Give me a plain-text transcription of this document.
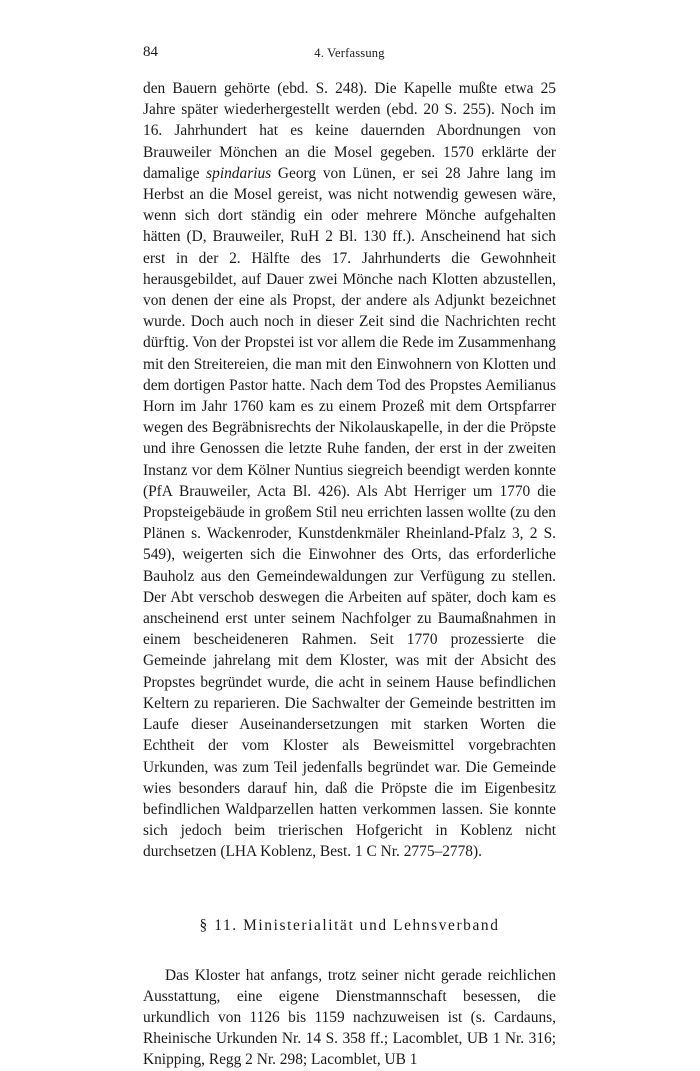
84	4. Verfassung

den Bauern gehörte (ebd. S. 248). Die Kapelle mußte etwa 25 Jahre später wiederhergestellt werden (ebd. 20 S. 255). Noch im 16. Jahrhundert hat es keine dauernden Abordnungen von Brauweiler Mönchen an die Mosel gegeben. 1570 erklärte der damalige spindarius Georg von Lünen, er sei 28 Jahre lang im Herbst an die Mosel gereist, was nicht notwendig gewesen wäre, wenn sich dort ständig ein oder mehrere Mönche aufgehalten hätten (D, Brauweiler, RuH 2 Bl. 130 ff.). Anscheinend hat sich erst in der 2. Hälfte des 17. Jahrhunderts die Gewohnheit herausgebildet, auf Dauer zwei Mönche nach Klotten abzustellen, von denen der eine als Propst, der andere als Adjunkt bezeichnet wurde. Doch auch noch in dieser Zeit sind die Nachrichten recht dürftig. Von der Propstei ist vor allem die Rede im Zusammenhang mit den Streitereien, die man mit den Einwohnern von Klotten und dem dortigen Pastor hatte. Nach dem Tod des Propstes Aemilianus Horn im Jahr 1760 kam es zu einem Prozeß mit dem Ortspfarrer wegen des Begräbnisrechts der Nikolauskapelle, in der die Pröpste und ihre Genossen die letzte Ruhe fanden, der erst in der zweiten Instanz vor dem Kölner Nuntius siegreich beendigt werden konnte (PfA Brauweiler, Acta Bl. 426). Als Abt Herriger um 1770 die Propsteigebäude in großem Stil neu errichten lassen wollte (zu den Plänen s. Wackenroder, Kunstdenkmäler Rheinland-Pfalz 3, 2 S. 549), weigerten sich die Einwohner des Orts, das erforderliche Bauholz aus den Gemeindewaldungen zur Verfügung zu stellen. Der Abt verschob deswegen die Arbeiten auf später, doch kam es anscheinend erst unter seinem Nachfolger zu Baumaßnahmen in einem bescheideneren Rahmen. Seit 1770 prozessierte die Gemeinde jahrelang mit dem Kloster, was mit der Absicht des Propstes begründet wurde, die acht in seinem Hause befindlichen Keltern zu reparieren. Die Sachwalter der Gemeinde bestritten im Laufe dieser Auseinandersetzungen mit starken Worten die Echtheit der vom Kloster als Beweismittel vorgebrachten Urkunden, was zum Teil jedenfalls begründet war. Die Gemeinde wies besonders darauf hin, daß die Pröpste die im Eigenbesitz befindlichen Waldparzellen hatten verkommen lassen. Sie konnte sich jedoch beim trierischen Hofgericht in Koblenz nicht durchsetzen (LHA Koblenz, Best. 1 C Nr. 2775–2778).

§ 11. Ministerialität und Lehnsverband

Das Kloster hat anfangs, trotz seiner nicht gerade reichlichen Ausstattung, eine eigene Dienstmannschaft besessen, die urkundlich von 1126 bis 1159 nachzuweisen ist (s. Cardauns, Rheinische Urkunden Nr. 14 S. 358 ff.; Lacomblet, UB 1 Nr. 316; Knipping, Regg 2 Nr. 298; Lacomblet, UB 1
